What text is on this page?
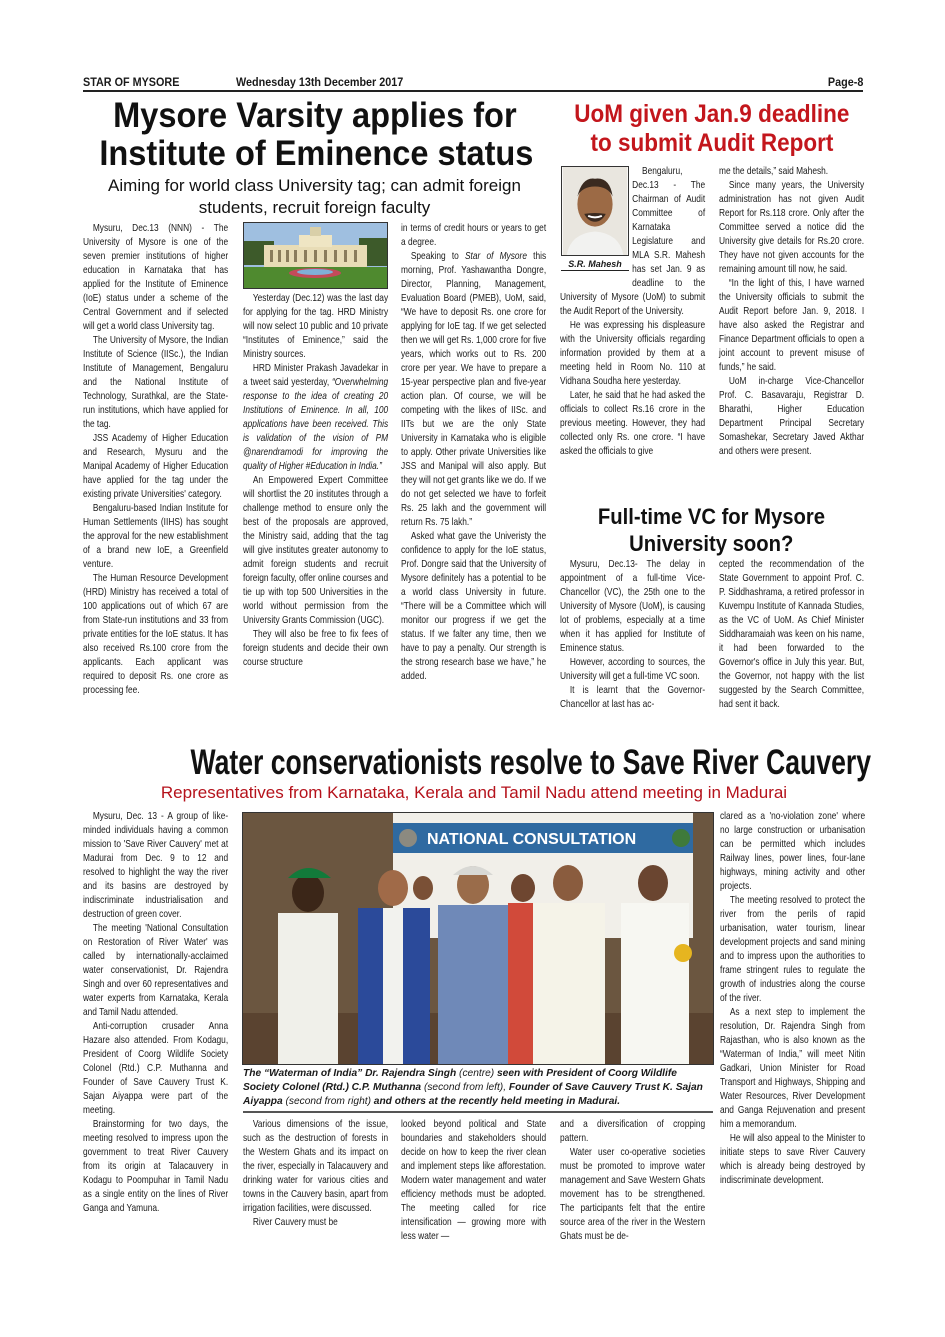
STAR OF MYSORE	Wednesday 13th December 2017	Page-8
Mysore Varsity applies for
Institute of Eminence status
Aiming for world class University tag; can admit foreign
students, recruit foreign faculty

Mysuru, Dec.13 (NNN) - The University of Mysore is one of the seven premier institutions of higher education in Karnataka that has applied for the Institute of Eminence (IoE) status under a scheme of the Central Government and if selected will get a world class University tag.

The University of Mysore, the Indian Institute of Science (IISc.), the Indian Institute of Management, Bengaluru and the National Institute of Technology, Surathkal, are the State-run institutions, which have applied for the tag.

JSS Academy of Higher Education and Research, Mysuru and the Manipal Academy of Higher Education have applied for the tag under the existing private Universities' category.

Bengaluru-based Indian Institute for Human Settlements (IIHS) has sought the approval for the new establishment of a brand new IoE, a Greenfield venture.

The Human Resource Development (HRD) Ministry has received a total of 100 applications out of which 67 are from State-run institutions and 33 from private entities for the IoE status. It has also received Rs.100 crore from the applicants. Each applicant was required to deposit Rs. one crore as processing fee.

Yesterday (Dec.12) was the last day for applying for the tag. HRD Ministry will now select 10 public and 10 private “Institutes of Eminence,” said the Ministry sources.

HRD Minister Prakash Javadekar in a tweet said yesterday, “Overwhelming response to the idea of creating 20 Institutions of Eminence. In all, 100 applications have been received. This is validation of the vision of PM @narendramodi for improving the quality of Higher #Education in India.”

An Empowered Expert Committee will shortlist the 20 institutes through a challenge method to ensure only the best of the proposals are approved, the Ministry said, adding that the tag will give institutes greater autonomy to admit foreign students and recruit foreign faculty, offer online courses and tie up with top 500 Universities in the world without permission from the University Grants Commission (UGC).

They will also be free to fix fees of foreign students and decide their own course structure

in terms of credit hours or years to get a degree.

Speaking to Star of Mysore this morning, Prof. Yashawantha Dongre, Director, Planning, Management, Evaluation Board (PMEB), UoM, said, “We have to deposit Rs. one crore for applying for IoE tag. If we get selected then we will get Rs. 1,000 crore for five years, which works out to Rs. 200 crore per year. We have to prepare a 15-year perspective plan and five-year action plan. Of course, we will be competing with the likes of IISc. and IITs but we are the only State University in Karnataka who is eligible to apply. Other private Universities like JSS and Manipal will also apply. But they will not get grants like we do. If we do not get selected we have to forfeit Rs. 25 lakh and the government will return Rs. 75 lakh.”

Asked what gave the Univeristy the confidence to apply for the IoE status, Prof. Dongre said that the University of Mysore definitely has a potential to be a world class University in future. “There will be a Committee which will monitor our progress if we get the status. If we falter any time, then we have to pay a penalty. Our strength is the strong research base we have,” he added.

UoM given Jan.9 deadline
to submit Audit Report
S.R. Mahesh

Bengaluru, Dec.13 - The Chairman of Audit Committee of Karnataka Legislature and MLA S.R. Mahesh has set Jan. 9 as deadline to the University of Mysore (UoM) to submit the Audit Report of the University.

He was expressing his displeasure with the University officials regarding information provided by them at a meeting held in Room No. 110 at Vidhana Soudha here yesterday.

Later, he said that he had asked the officials to collect Rs.16 crore in the previous meeting. However, they had collected only Rs. one crore. “I have asked the officials to give

me the details,” said Mahesh.

Since many years, the University administration has not given Audit Report for Rs.118 crore. Only after the Committee served a notice did the University give details for Rs.20 crore. They have not given accounts for the remaining amount till now, he said.

“In the light of this, I have warned the University officials to submit the Audit Report before Jan. 9, 2018. I have also asked the Registrar and Finance Department officials to open a joint account to prevent misuse of funds,” he said.

UoM in-charge Vice-Chancellor Prof. C. Basavaraju, Registrar D. Bharathi, Higher Education Department Principal Secretary Somashekar, Secretary Javed Akthar and others were present.

Full-time VC for Mysore
University soon?

Mysuru, Dec.13- The delay in appointment of a full-time Vice-Chancellor (VC), the 25th one to the University of Mysore (UoM), is causing lot of problems, especially at a time when it has applied for Institute of Eminence status.

However, according to sources, the University will get a full-time VC soon.

It is learnt that the Governor-Chancellor at last has ac-

cepted the recommendation of the State Government to appoint Prof. C. P. Siddhashrama, a retired professor in Kuvempu Institute of Kannada Studies, as the VC of UoM. As Chief Minister Siddharamaiah was keen on his name, it had been forwarded to the Governor's office in July this year. But, the Governor, not happy with the list suggested by the Search Committee, had sent it back.

Water conservationists resolve to Save River Cauvery
Representatives from Karnataka, Kerala and Tamil Nadu attend meeting in Madurai

Mysuru, Dec. 13 - A group of like-minded individuals having a common mission to 'Save River Cauvery' met at Madurai from Dec. 9 to 12 and resolved to highlight the way the river and its basins are destroyed by indiscriminate industrialisation and destruction of green cover.

The meeting 'National Consultation on Restoration of River Water' was called by internationally-acclaimed water conservationist, Dr. Rajendra Singh and over 60 representatives and water experts from Karnataka, Kerala and Tamil Nadu attended.

Anti-corruption crusader Anna Hazare also attended. From Kodagu, President of Coorg Wildlife Society Colonel (Rtd.) C.P. Muthanna and Founder of Save Cauvery Trust K. Sajan Aiyappa were part of the meeting.

Brainstorming for two days, the meeting resolved to impress upon the government to treat River Cauvery from its origin at Talacauvery in Kodagu to Poompuhar in Tamil Nadu as a single entity on the lines of River Ganga and Yamuna.

NATIONAL CONSULTATION
The “Waterman of India” Dr. Rajendra Singh (centre) seen with President of Coorg Wildlife Society Colonel (Rtd.) C.P. Muthanna (second from left), Founder of Save Cauvery Trust K. Sajan Aiyappa (second from right) and others at the recently held meeting in Madurai.

Various dimensions of the issue, such as the destruction of forests in the Western Ghats and its impact on the river, especially in Talacauvery and drinking water for various cities and towns in the Cauvery basin, apart from irrigation facilities, were discussed.

River Cauvery must be

looked beyond political and State boundaries and stakeholders should decide on how to keep the river clean and implement steps like afforestation. Modern water management and water efficiency methods must be adopted. The meeting called for rice intensification — growing more with less water —

and a diversification of cropping pattern.

Water user co-operative societies must be promoted to improve water management and Save Western Ghats movement has to be strengthened. The participants felt that the entire source area of the river in the Western Ghats must be de-

clared as a 'no-violation zone' where no large construction or urbanisation can be permitted which includes Railway lines, power lines, four-lane highways, mining activity and other projects.

The meeting resolved to protect the river from the perils of rapid urbanisation, water tourism, linear development projects and sand mining and to impress upon the authorities to frame stringent rules to regulate the growth of industries along the course of the river.

As a next step to implement the resolution, Dr. Rajendra Singh from Rajasthan, who is also known as the “Waterman of India,” will meet Nitin Gadkari, Union Minister for Road Transport and Highways, Shipping and Water Resources, River Development and Ganga Rejuvenation and present him a memorandum.

He will also appeal to the Minister to initiate steps to save River Cauvery which is already being destroyed by indiscriminate development.
